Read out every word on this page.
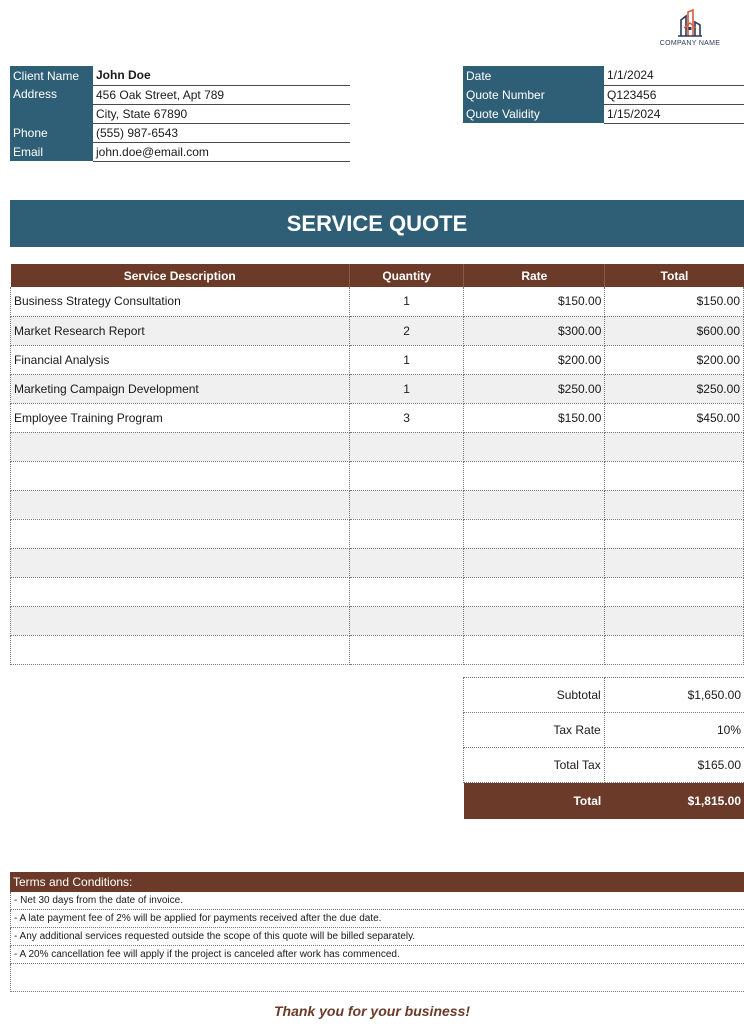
COMPANY NAME
Client Name	John Doe
Address	456 Oak Street, Apt 789
	City, State 67890
Phone	(555) 987-6543
Email	john.doe@email.com
Date	1/1/2024
Quote Number	Q123456
Quote Validity	1/15/2024
SERVICE QUOTE
Service Description	Quantity	Rate	Total
Business Strategy Consultation	1	$150.00	$150.00
Market Research Report	2	$300.00	$600.00
Financial Analysis	1	$200.00	$200.00
Marketing Campaign Development	1	$250.00	$250.00
Employee Training Program	3	$150.00	$450.00

Subtotal	$1,650.00
Tax Rate	10%
Total Tax	$165.00
Total	$1,815.00
Terms and Conditions:
- Net 30 days from the date of invoice.
- A late payment fee of 2% will be applied for payments received after the due date.
- Any additional services requested outside the scope of this quote will be billed separately.
- A 20% cancellation fee will apply if the project is canceled after work has commenced.
Thank you for your business!
